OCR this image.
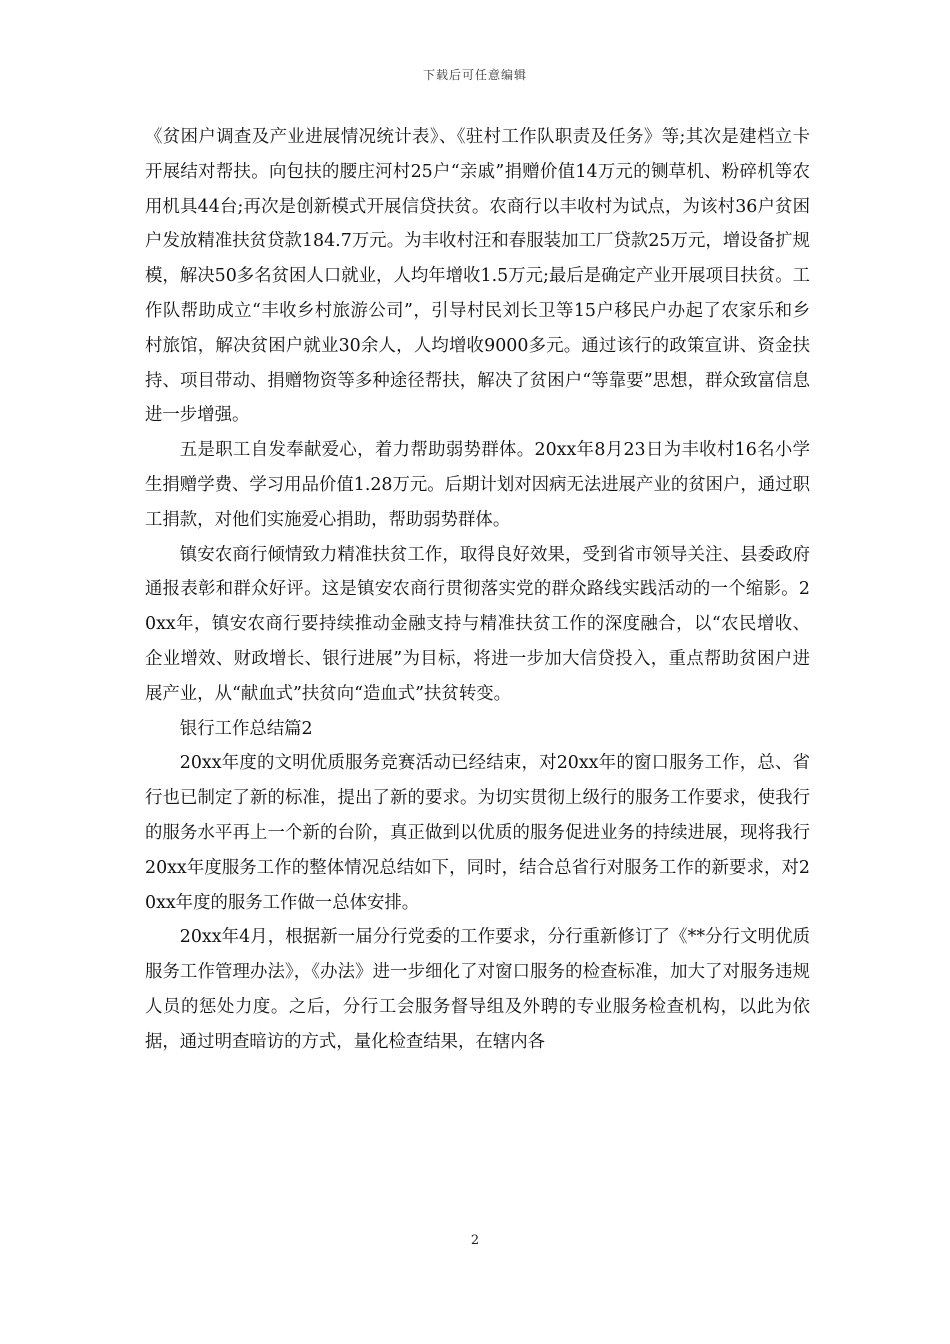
下载后可任意编辑

《贫困户调查及产业进展情况统计表》、《驻村工作队职责及任务》等;其次是建档立卡开展结对帮扶。向包扶的腰庄河村25户“亲戚”捐赠价值14万元的铡草机、粉碎机等农用机具44台;再次是创新模式开展信贷扶贫。农商行以丰收村为试点，为该村36户贫困户发放精准扶贫贷款184.7万元。为丰收村汪和春服装加工厂贷款25万元，增设备扩规模，解决50多名贫困人口就业，人均年增收1.5万元;最后是确定产业开展项目扶贫。工作队帮助成立“丰收乡村旅游公司”，引导村民刘长卫等15户移民户办起了农家乐和乡村旅馆，解决贫困户就业30余人，人均增收9000多元。通过该行的政策宣讲、资金扶持、项目带动、捐赠物资等多种途径帮扶，解决了贫困户“等靠要”思想，群众致富信息进一步增强。

五是职工自发奉献爱心，着力帮助弱势群体。20xx年8月23日为丰收村16名小学生捐赠学费、学习用品价值1.28万元。后期计划对因病无法进展产业的贫困户，通过职工捐款，对他们实施爱心捐助，帮助弱势群体。

镇安农商行倾情致力精准扶贫工作，取得良好效果，受到省市领导关注、县委政府通报表彰和群众好评。这是镇安农商行贯彻落实党的群众路线实践活动的一个缩影。20xx年，镇安农商行要持续推动金融支持与精准扶贫工作的深度融合，以“农民增收、企业增效、财政增长、银行进展”为目标，将进一步加大信贷投入，重点帮助贫困户进展产业，从“献血式”扶贫向“造血式”扶贫转变。

银行工作总结篇2

20xx年度的文明优质服务竞赛活动已经结束，对20xx年的窗口服务工作，总、省行也已制定了新的标准，提出了新的要求。为切实贯彻上级行的服务工作要求，使我行的服务水平再上一个新的台阶，真正做到以优质的服务促进业务的持续进展，现将我行20xx年度服务工作的整体情况总结如下，同时，结合总省行对服务工作的新要求，对20xx年度的服务工作做一总体安排。

20xx年4月，根据新一届分行党委的工作要求，分行重新修订了《**分行文明优质服务工作管理办法》，《办法》进一步细化了对窗口服务的检查标准，加大了对服务违规人员的惩处力度。之后，分行工会服务督导组及外聘的专业服务检查机构，以此为依据，通过明查暗访的方式，量化检查结果，在辖内各

2
